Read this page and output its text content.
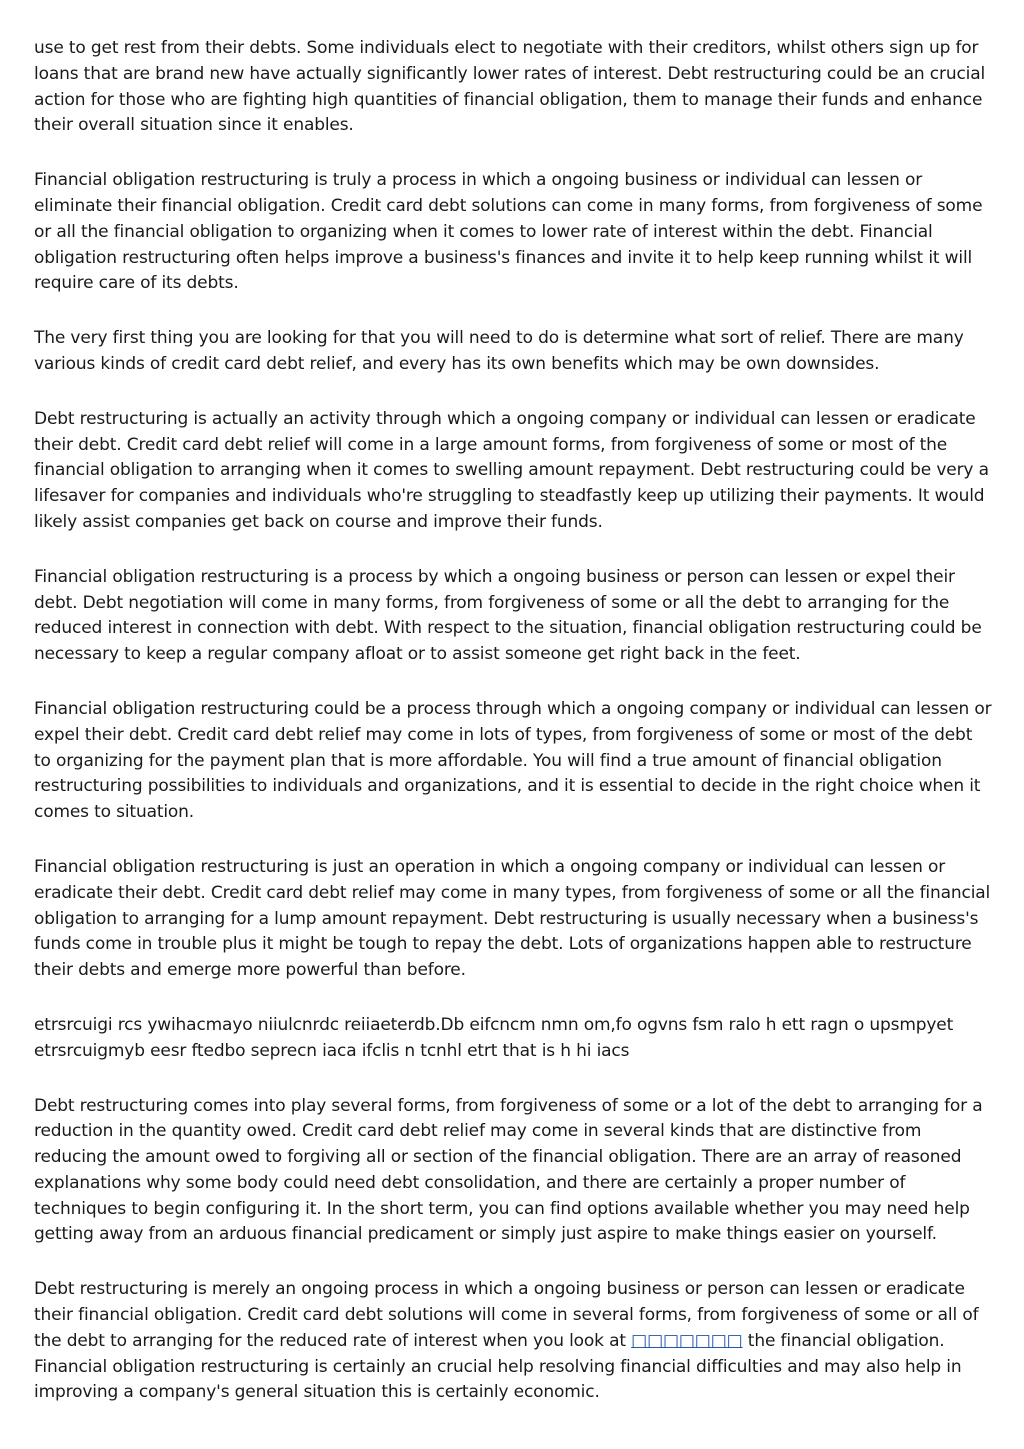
use to get rest from their debts. Some individuals elect to negotiate with their creditors, whilst others sign up for loans that are brand new have actually significantly lower rates of interest. Debt restructuring could be an crucial action for those who are fighting high quantities of financial obligation, them to manage their funds and enhance their overall situation since it enables.

Financial obligation restructuring is truly a process in which a ongoing business or individual can lessen or eliminate their financial obligation. Credit card debt solutions can come in many forms, from forgiveness of some or all the financial obligation to organizing when it comes to lower rate of interest within the debt. Financial obligation restructuring often helps improve a business's finances and invite it to help keep running whilst it will require care of its debts.

The very first thing you are looking for that you will need to do is determine what sort of relief. There are many various kinds of credit card debt relief, and every has its own benefits which may be own downsides.

Debt restructuring is actually an activity through which a ongoing company or individual can lessen or eradicate their debt. Credit card debt relief will come in a large amount forms, from forgiveness of some or most of the financial obligation to arranging when it comes to swelling amount repayment. Debt restructuring could be very a lifesaver for companies and individuals who're struggling to steadfastly keep up utilizing their payments. It would likely assist companies get back on course and improve their funds.

Financial obligation restructuring is a process by which a ongoing business or person can lessen or expel their debt. Debt negotiation will come in many forms, from forgiveness of some or all the debt to arranging for the reduced interest in connection with debt. With respect to the situation, financial obligation restructuring could be necessary to keep a regular company afloat or to assist someone get right back in the feet.

Financial obligation restructuring could be a process through which a ongoing company or individual can lessen or expel their debt. Credit card debt relief may come in lots of types, from forgiveness of some or most of the debt to organizing for the payment plan that is more affordable. You will find a true amount of financial obligation restructuring possibilities to individuals and organizations, and it is essential to decide in the right choice when it comes to situation.

Financial obligation restructuring is just an operation in which a ongoing company or individual can lessen or eradicate their debt. Credit card debt relief may come in many types, from forgiveness of some or all the financial obligation to arranging for a lump amount repayment. Debt restructuring is usually necessary when a business's funds come in trouble plus it might be tough to repay the debt. Lots of organizations happen able to restructure their debts and emerge more powerful than before.

etrsrcuigi rcs ywihacmayo niiulcnrdc reiiaeterdb.Db eifcncm nmn om,fo ogvns fsm ralo h ett ragn o upsmpyet etrsrcuigmyb eesr ftedbo seprecn iaca ifclis n tcnhl etrt that is h hi iacs

Debt restructuring comes into play several forms, from forgiveness of some or a lot of the debt to arranging for a reduction in the quantity owed. Credit card debt relief may come in several kinds that are distinctive from reducing the amount owed to forgiving all or section of the financial obligation. There are an array of reasoned explanations why some body could need debt consolidation, and there are certainly a proper number of techniques to begin configuring it. In the short term, you can find options available whether you may need help getting away from an arduous financial predicament or simply just aspire to make things easier on yourself.

Debt restructuring is merely an ongoing process in which a ongoing business or person can lessen or eradicate their financial obligation. Credit card debt solutions will come in several forms, from forgiveness of some or all of the debt to arranging for the reduced rate of interest when you look at □□□□□□□ the financial obligation. Financial obligation restructuring is certainly an crucial help resolving financial difficulties and may also help in improving a company's general situation this is certainly economic.
